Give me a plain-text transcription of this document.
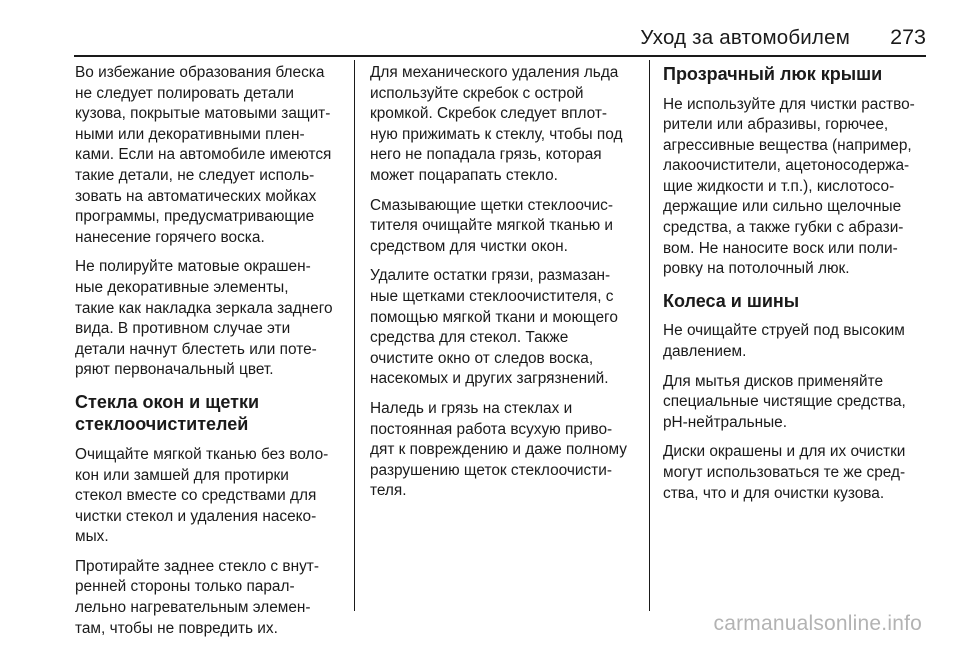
Уход за автомобилем 273

Во избежание образования блеска
не следует полировать детали
кузова, покрытые матовыми защит-
ными или декоративными плен-
ками. Если на автомобиле имеются
такие детали, не следует исполь-
зовать на автоматических мойках
программы, предусматривающие
нанесение горячего воска.

Не полируйте матовые окрашен-
ные декоративные элементы,
такие как накладка зеркала заднего
вида. В противном случае эти
детали начнут блестеть или поте-
ряют первоначальный цвет.

Стекла окон и щетки
стеклоочистителей

Очищайте мягкой тканью без воло-
кон или замшей для протирки
стекол вместе со средствами для
чистки стекол и удаления насеко-
мых.

Протирайте заднее стекло с внут-
ренней стороны только парал-
лельно нагревательным элемен-
там, чтобы не повредить их.

Для механического удаления льда
используйте скребок с острой
кромкой. Скребок следует вплот-
ную прижимать к стеклу, чтобы под
него не попадала грязь, которая
может поцарапать стекло.

Смазывающие щетки стеклоочис-
тителя очищайте мягкой тканью и
средством для чистки окон.

Удалите остатки грязи, размазан-
ные щетками стеклоочистителя, с
помощью мягкой ткани и моющего
средства для стекол. Также
очистите окно от следов воска,
насекомых и других загрязнений.

Наледь и грязь на стеклах и
постоянная работа всухую приво-
дят к повреждению и даже полному
разрушению щеток стеклоочисти-
теля.

Прозрачный люк крыши

Не используйте для чистки раство-
рители или абразивы, горючее,
агрессивные вещества (например,
лакоочистители, ацетоносодержа-
щие жидкости и т.п.), кислотосо-
держащие или сильно щелочные
средства, а также губки с абрази-
вом. Не наносите воск или поли-
ровку на потолочный люк.

Колеса и шины

Не очищайте струей под высоким
давлением.

Для мытья дисков применяйте
специальные чистящие средства,
pH-нейтральные.

Диски окрашены и для их очистки
могут использоваться те же сред-
ства, что и для очистки кузова.

carmanualsonline.info
